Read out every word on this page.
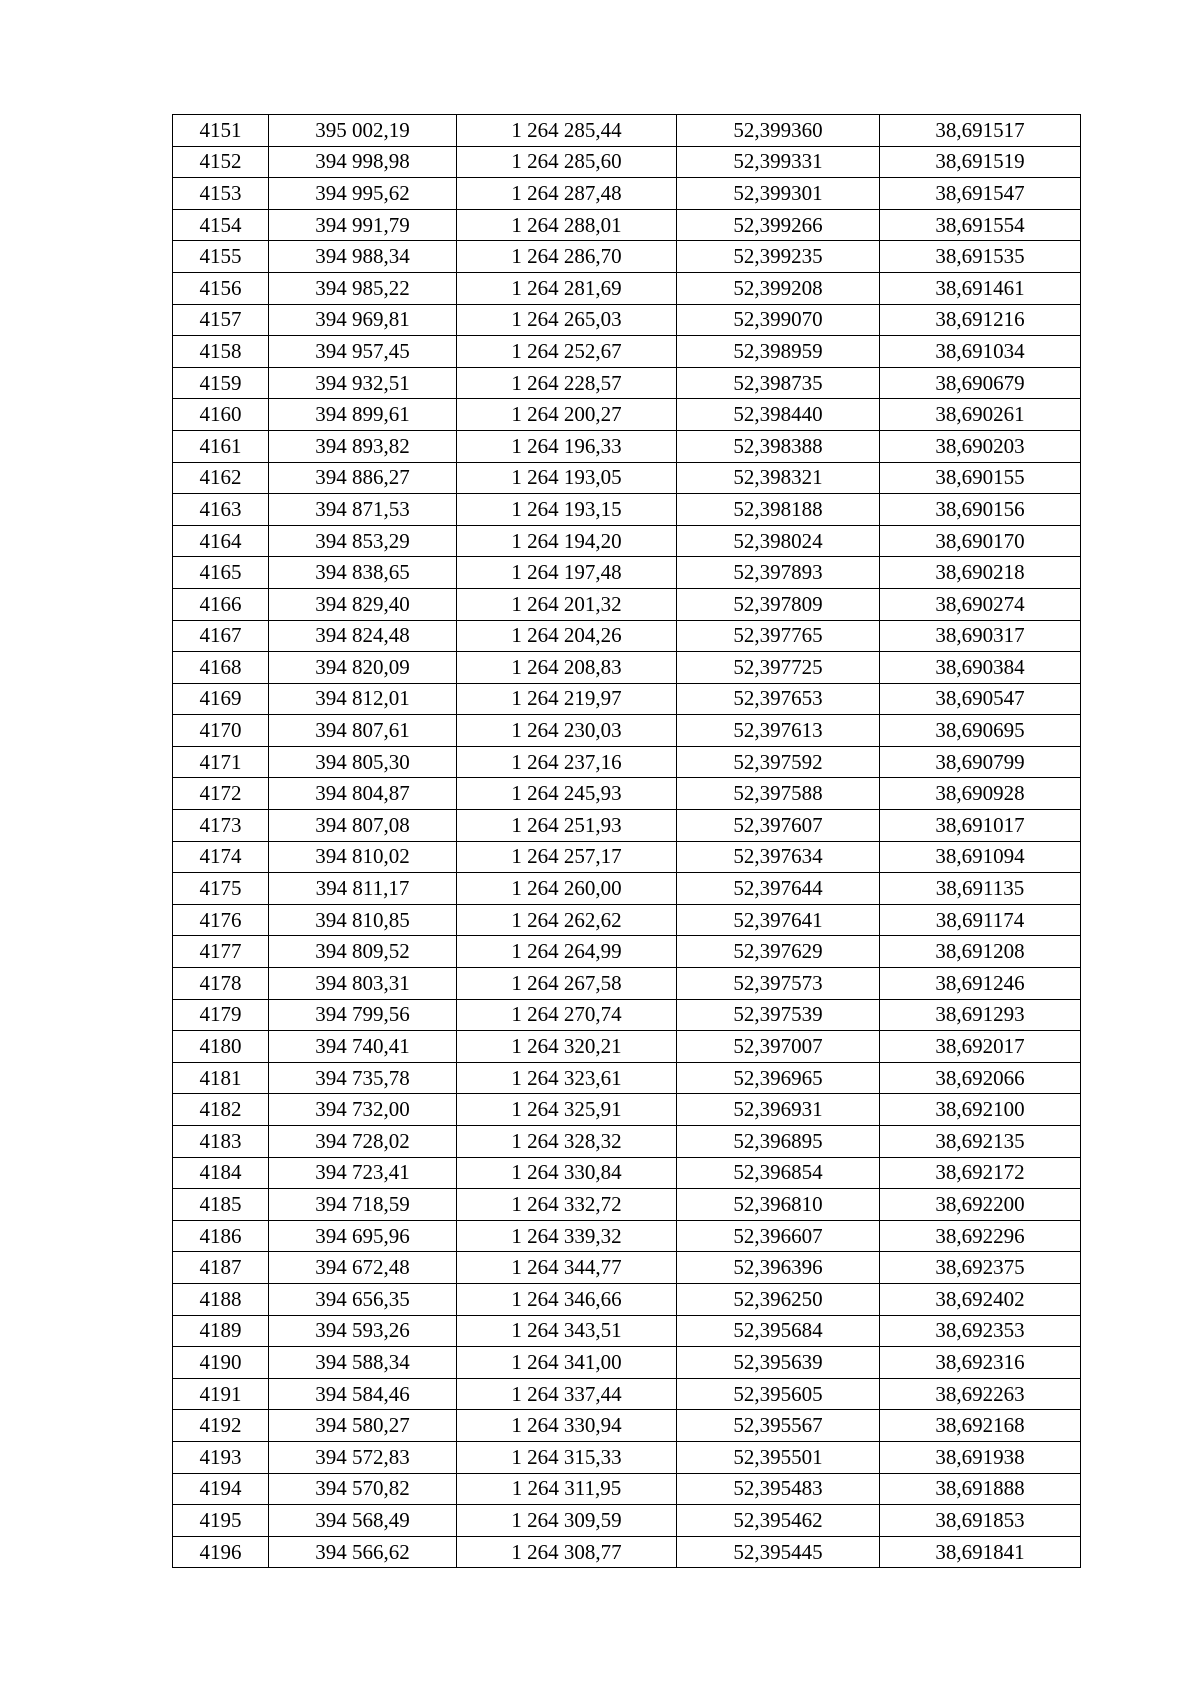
4151	395 002,19	1 264 285,44	52,399360	38,691517
4152	394 998,98	1 264 285,60	52,399331	38,691519
4153	394 995,62	1 264 287,48	52,399301	38,691547
4154	394 991,79	1 264 288,01	52,399266	38,691554
4155	394 988,34	1 264 286,70	52,399235	38,691535
4156	394 985,22	1 264 281,69	52,399208	38,691461
4157	394 969,81	1 264 265,03	52,399070	38,691216
4158	394 957,45	1 264 252,67	52,398959	38,691034
4159	394 932,51	1 264 228,57	52,398735	38,690679
4160	394 899,61	1 264 200,27	52,398440	38,690261
4161	394 893,82	1 264 196,33	52,398388	38,690203
4162	394 886,27	1 264 193,05	52,398321	38,690155
4163	394 871,53	1 264 193,15	52,398188	38,690156
4164	394 853,29	1 264 194,20	52,398024	38,690170
4165	394 838,65	1 264 197,48	52,397893	38,690218
4166	394 829,40	1 264 201,32	52,397809	38,690274
4167	394 824,48	1 264 204,26	52,397765	38,690317
4168	394 820,09	1 264 208,83	52,397725	38,690384
4169	394 812,01	1 264 219,97	52,397653	38,690547
4170	394 807,61	1 264 230,03	52,397613	38,690695
4171	394 805,30	1 264 237,16	52,397592	38,690799
4172	394 804,87	1 264 245,93	52,397588	38,690928
4173	394 807,08	1 264 251,93	52,397607	38,691017
4174	394 810,02	1 264 257,17	52,397634	38,691094
4175	394 811,17	1 264 260,00	52,397644	38,691135
4176	394 810,85	1 264 262,62	52,397641	38,691174
4177	394 809,52	1 264 264,99	52,397629	38,691208
4178	394 803,31	1 264 267,58	52,397573	38,691246
4179	394 799,56	1 264 270,74	52,397539	38,691293
4180	394 740,41	1 264 320,21	52,397007	38,692017
4181	394 735,78	1 264 323,61	52,396965	38,692066
4182	394 732,00	1 264 325,91	52,396931	38,692100
4183	394 728,02	1 264 328,32	52,396895	38,692135
4184	394 723,41	1 264 330,84	52,396854	38,692172
4185	394 718,59	1 264 332,72	52,396810	38,692200
4186	394 695,96	1 264 339,32	52,396607	38,692296
4187	394 672,48	1 264 344,77	52,396396	38,692375
4188	394 656,35	1 264 346,66	52,396250	38,692402
4189	394 593,26	1 264 343,51	52,395684	38,692353
4190	394 588,34	1 264 341,00	52,395639	38,692316
4191	394 584,46	1 264 337,44	52,395605	38,692263
4192	394 580,27	1 264 330,94	52,395567	38,692168
4193	394 572,83	1 264 315,33	52,395501	38,691938
4194	394 570,82	1 264 311,95	52,395483	38,691888
4195	394 568,49	1 264 309,59	52,395462	38,691853
4196	394 566,62	1 264 308,77	52,395445	38,691841
